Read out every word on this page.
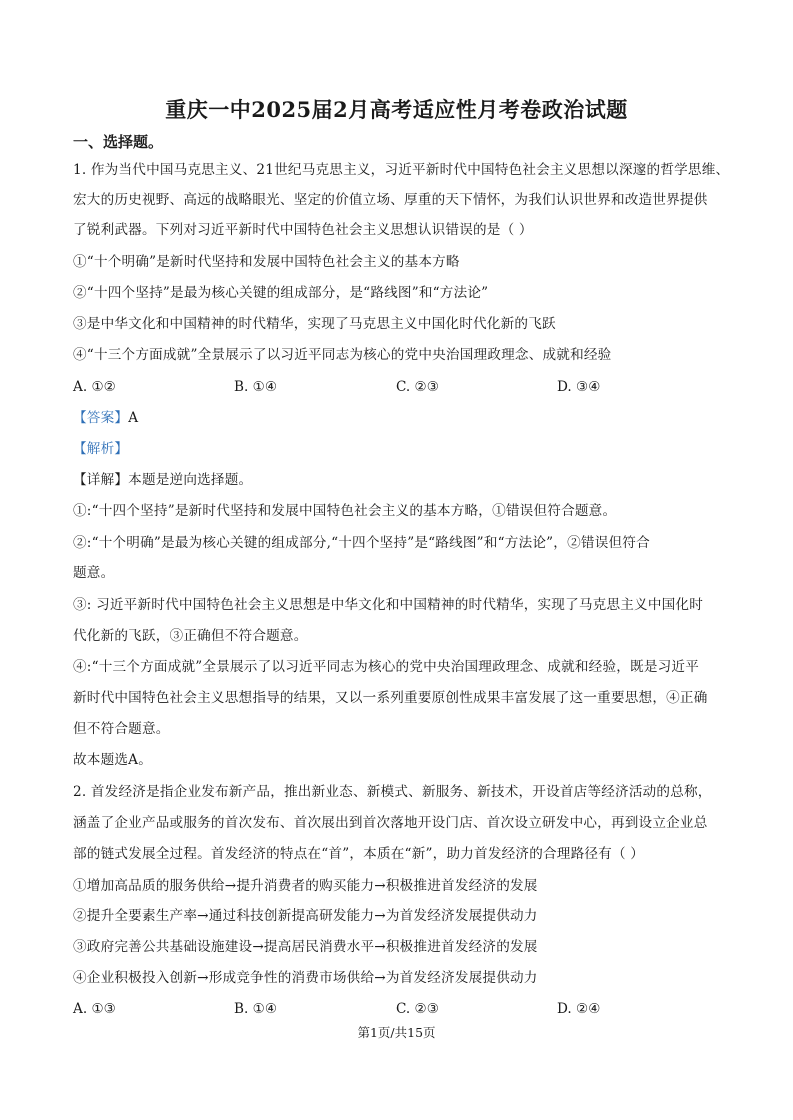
重庆一中2025届2月高考适应性月考卷政治试题
一、选择题。
1. 作为当代中国马克思主义、21世纪马克思主义，习近平新时代中国特色社会主义思想以深邃的哲学思维、
宏大的历史视野、高远的战略眼光、坚定的价值立场、厚重的天下情怀，为我们认识世界和改造世界提供
了锐利武器。下列对习近平新时代中国特色社会主义思想认识错误的是（ ）
①“十个明确”是新时代坚持和发展中国特色社会主义的基本方略
②“十四个坚持”是最为核心关键的组成部分，是“路线图”和“方法论”
③是中华文化和中国精神的时代精华，实现了马克思主义中国化时代化新的飞跃
④“十三个方面成就”全景展示了以习近平同志为核心的党中央治国理政理念、成就和经验
A. ①②	B. ①④	C. ②③	D. ③④
【答案】A
【解析】
【详解】本题是逆向选择题。
①:“十四个坚持”是新时代坚持和发展中国特色社会主义的基本方略，①错误但符合题意。
②:“十个明确”是最为核心关键的组成部分,“十四个坚持”是“路线图”和“方法论”，②错误但符合
题意。
③: 习近平新时代中国特色社会主义思想是中华文化和中国精神的时代精华，实现了马克思主义中国化时
代化新的飞跃，③正确但不符合题意。
④:“十三个方面成就”全景展示了以习近平同志为核心的党中央治国理政理念、成就和经验，既是习近平
新时代中国特色社会主义思想指导的结果，又以一系列重要原创性成果丰富发展了这一重要思想，④正确
但不符合题意。
故本题选A。
2. 首发经济是指企业发布新产品，推出新业态、新模式、新服务、新技术，开设首店等经济活动的总称，
涵盖了企业产品或服务的首次发布、首次展出到首次落地开设门店、首次设立研发中心，再到设立企业总
部的链式发展全过程。首发经济的特点在“首”，本质在“新”，助力首发经济的合理路径有（ ）
①增加高品质的服务供给→提升消费者的购买能力→积极推进首发经济的发展
②提升全要素生产率→通过科技创新提高研发能力→为首发经济发展提供动力
③政府完善公共基础设施建设→提高居民消费水平→积极推进首发经济的发展
④企业积极投入创新→形成竞争性的消费市场供给→为首发经济发展提供动力
A. ①③	B. ①④	C. ②③	D. ②④
第1页/共15页
